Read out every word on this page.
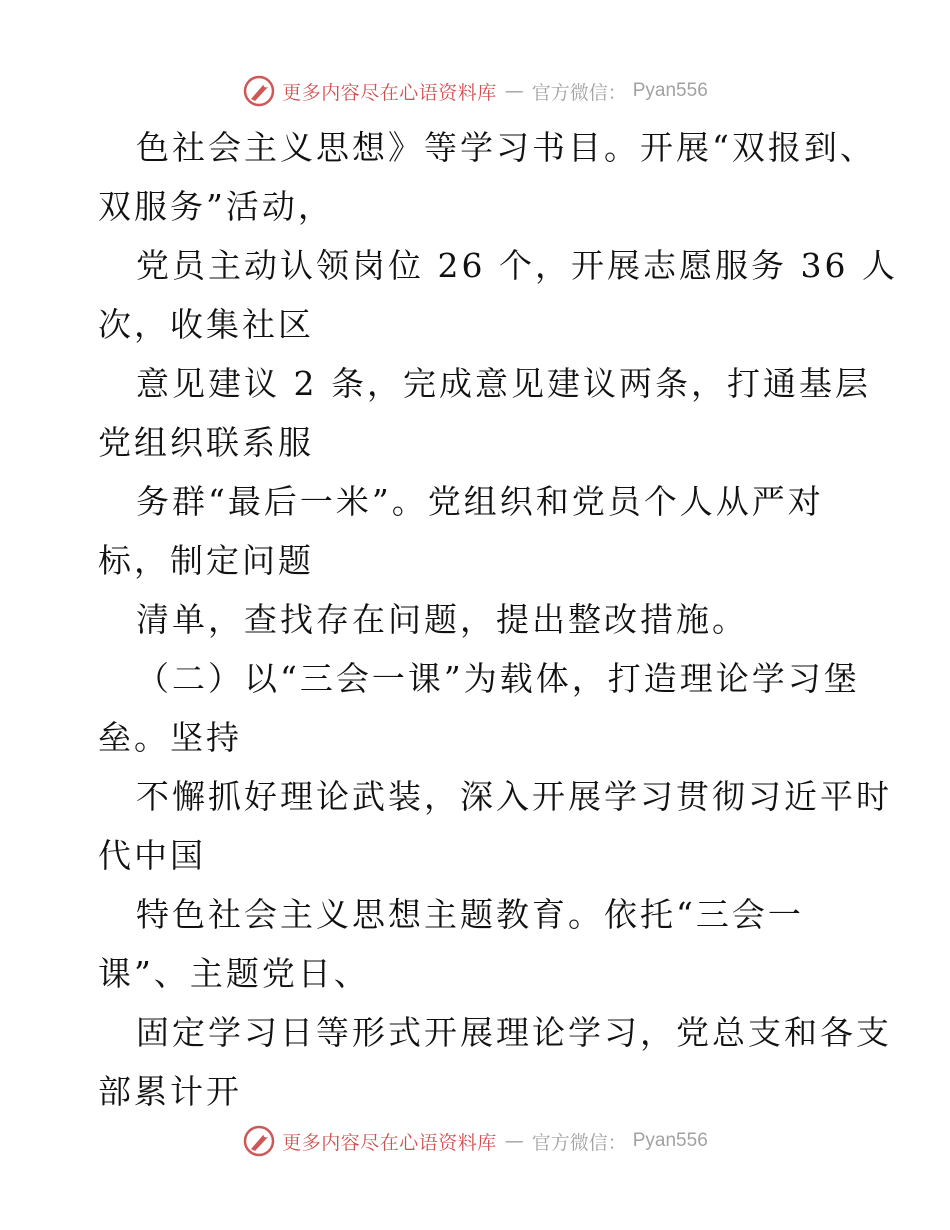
更多内容尽在心语资料库 — 官方微信： Pyan556
色社会主义思想》等学习书目。开展“双报到、
双服务”活动，
党员主动认领岗位 26 个，开展志愿服务 36 人
次，收集社区
意见建议 2 条，完成意见建议两条，打通基层
党组织联系服
务群“最后一米”。党组织和党员个人从严对
标，制定问题
清单，查找存在问题，提出整改措施。
（二）以“三会一课”为载体，打造理论学习堡
垒。坚持
不懈抓好理论武装，深入开展学习贯彻习近平时
代中国
特色社会主义思想主题教育。依托“三会一
课”、主题党日、
固定学习日等形式开展理论学习，党总支和各支
部累计开
更多内容尽在心语资料库 — 官方微信： Pyan556
